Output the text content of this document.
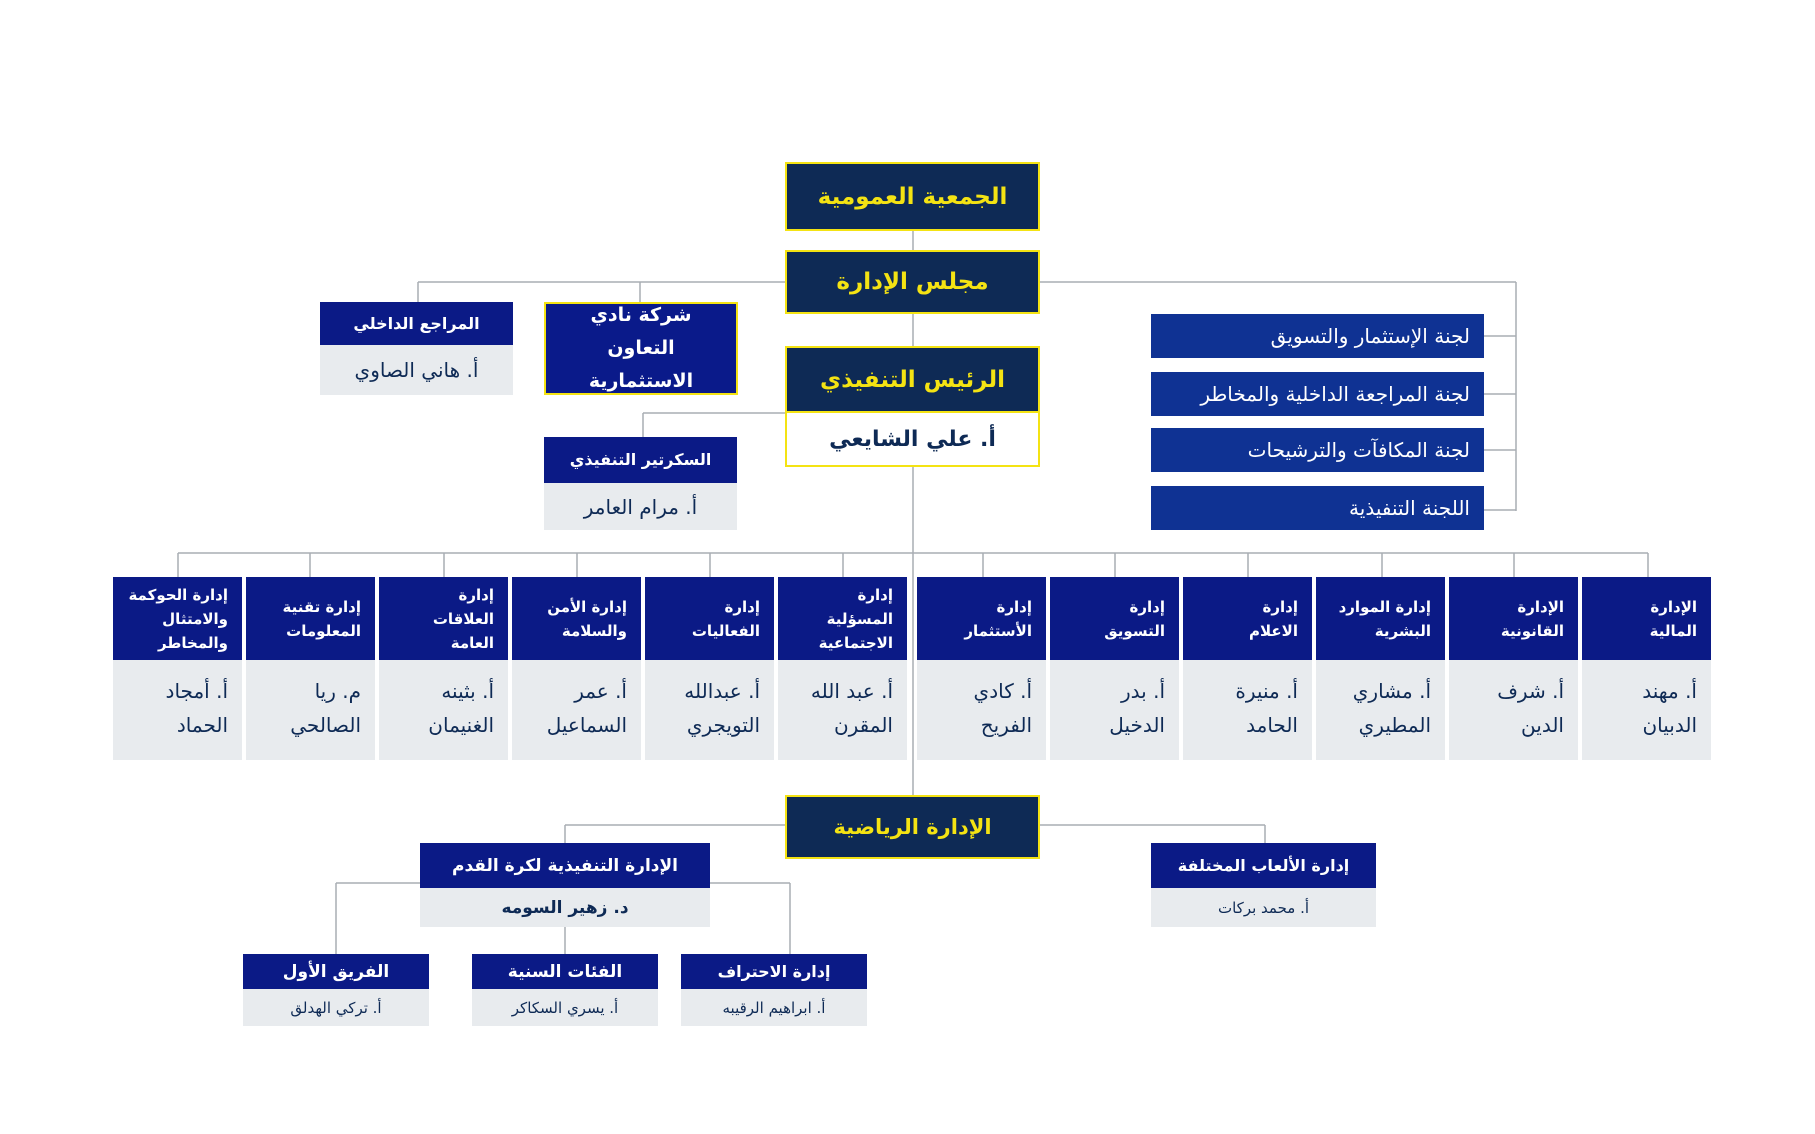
الجمعية العمومية
مجلس الإدارة
الرئيس التنفيذي
أ. علي الشايعي
المراجع الداخلي
أ. هاني الصاوي
شركة نادي التعاون الاستثمارية
السكرتير التنفيذي
أ. مرام العامر
لجنة الإستثمار والتسويق
لجنة المراجعة الداخلية والمخاطر
لجنة المكافآت والترشيحات
اللجنة التنفيذية
الإدارة المالية
أ. مهند الدبيان
الإدارة القانونية
أ. شرف الدين
إدارة الموارد البشرية
أ. مشاري المطيري
إدارة الاعلام
أ. منيرة الحامد
إدارة التسويق
أ. بدر الدخيل
إدارة الأستثمار
أ. كادي الفريح
إدارة المسؤلية الاجتماعية
أ. عبد الله المقرن
إدارة الفعاليات
أ. عبدالله التويجري
إدارة الأمن والسلامة
أ. عمر السماعيل
إدارة العلاقات العامة
أ. بثينه الغنيمان
إدارة تقنية المعلومات
م. ريا الصالحي
إدارة الحوكمة والامتثال والمخاطر
أ. أمجاد الحماد
الإدارة الرياضية
الإدارة التنفيذية لكرة القدم
د. زهير السومه
إدارة الألعاب المختلفة
أ. محمد بركات
الفريق الأول
أ. تركي الهدلق
الفئات السنية
أ. يسري السكاكر
إدارة الاحتراف
أ. ابراهيم الرقيبه
